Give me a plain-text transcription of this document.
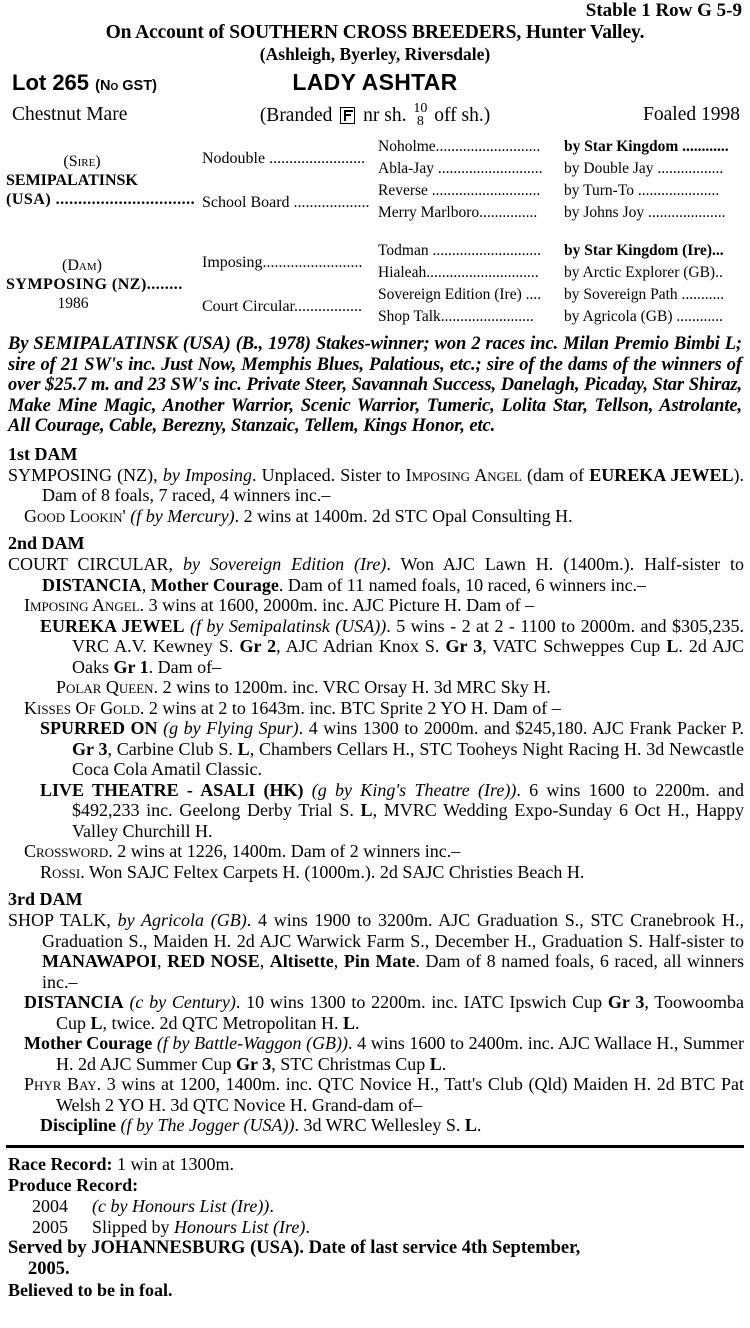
Stable 1 Row G 5-9
On Account of SOUTHERN CROSS BREEDERS, Hunter Valley.
(Ashleigh, Byerley, Riversdale)
Lot 265 (No GST)	LADY ASHTAR
Chestnut Mare	(Branded nr sh. 10
8 off sh.)	Foaled 1998
(Sire)
SEMIPALATINSK
(USA) ...............................	Nodouble ........................	Noholme...........................	by Star Kingdom ............
		Abla-Jay ...........................	by Double Jay .................
	School Board ...................	Reverse ............................	by Turn-To .....................
		Merry Marlboro...............	by Johns Joy ....................

(Dam)
SYMPOSING (NZ)........
1986	Imposing.........................	Todman ............................	by Star Kingdom (Ire)...
		Hialeah.............................	by Arctic Explorer (GB)..
	Court Circular.................	Sovereign Edition (Ire) ....	by Sovereign Path ...........
		Shop Talk........................	by Agricola (GB) ............
By SEMIPALATINSK (USA) (B., 1978) Stakes-winner; won 2 races inc. Milan Premio Bimbi L; sire of 21 SW's inc. Just Now, Memphis Blues, Palatious, etc.; sire of the dams of the winners of over $25.7 m. and 23 SW's inc. Private Steer, Savannah Success, Danelagh, Picaday, Star Shiraz, Make Mine Magic, Another Warrior, Scenic Warrior, Tumeric, Lolita Star, Tellson, Astrolante, All Courage, Cable, Berezny, Stanzaic, Tellem, Kings Honor, etc.
1st DAM
SYMPOSING (NZ), by Imposing. Unplaced. Sister to Imposing Angel (dam of EUREKA JEWEL). Dam of 8 foals, 7 raced, 4 winners inc.–
Good Lookin' (f by Mercury). 2 wins at 1400m. 2d STC Opal Consulting H.
2nd DAM
COURT CIRCULAR, by Sovereign Edition (Ire). Won AJC Lawn H. (1400m.). Half-sister to DISTANCIA, Mother Courage. Dam of 11 named foals, 10 raced, 6 winners inc.–
Imposing Angel. 3 wins at 1600, 2000m. inc. AJC Picture H. Dam of –
EUREKA JEWEL (f by Semipalatinsk (USA)). 5 wins - 2 at 2 - 1100 to 2000m. and $305,235. VRC A.V. Kewney S. Gr 2, AJC Adrian Knox S. Gr 3, VATC Schweppes Cup L. 2d AJC Oaks Gr 1. Dam of–
Polar Queen. 2 wins to 1200m. inc. VRC Orsay H. 3d MRC Sky H.
Kisses Of Gold. 2 wins at 2 to 1643m. inc. BTC Sprite 2 YO H. Dam of –
SPURRED ON (g by Flying Spur). 4 wins 1300 to 2000m. and $245,180. AJC Frank Packer P. Gr 3, Carbine Club S. L, Chambers Cellars H., STC Tooheys Night Racing H. 3d Newcastle Coca Cola Amatil Classic.
LIVE THEATRE - ASALI (HK) (g by King's Theatre (Ire)). 6 wins 1600 to 2200m. and $492,233 inc. Geelong Derby Trial S. L, MVRC Wedding Expo-Sunday 6 Oct H., Happy Valley Churchill H.
Crossword. 2 wins at 1226, 1400m. Dam of 2 winners inc.–
Rossi. Won SAJC Feltex Carpets H. (1000m.). 2d SAJC Christies Beach H.
3rd DAM
SHOP TALK, by Agricola (GB). 4 wins 1900 to 3200m. AJC Graduation S., STC Cranebrook H., Graduation S., Maiden H. 2d AJC Warwick Farm S., December H., Graduation S. Half-sister to MANAWAPOI, RED NOSE, Altisette, Pin Mate. Dam of 8 named foals, 6 raced, all winners inc.–
DISTANCIA (c by Century). 10 wins 1300 to 2200m. inc. IATC Ipswich Cup Gr 3, Toowoomba Cup L, twice. 2d QTC Metropolitan H. L.
Mother Courage (f by Battle-Waggon (GB)). 4 wins 1600 to 2400m. inc. AJC Wallace H., Summer H. 2d AJC Summer Cup Gr 3, STC Christmas Cup L.
Phyr Bay. 3 wins at 1200, 1400m. inc. QTC Novice H., Tatt's Club (Qld) Maiden H. 2d BTC Pat Welsh 2 YO H. 3d QTC Novice H. Grand-dam of–
Discipline (f by The Jogger (USA)). 3d WRC Wellesley S. L.
Race Record: 1 win at 1300m.
Produce Record:
2004 (c by Honours List (Ire)).
2005 Slipped by Honours List (Ire).
Served by JOHANNESBURG (USA). Date of last service 4th September,
2005.
Believed to be in foal.
